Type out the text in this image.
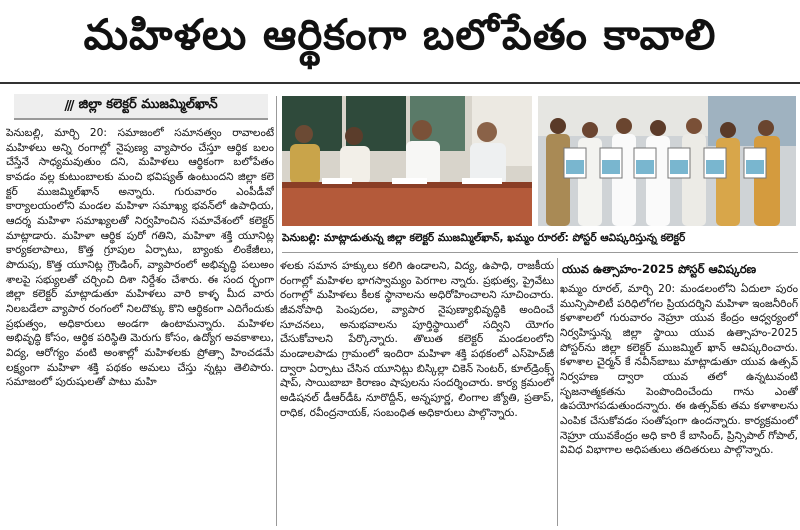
మహిళలు ఆర్థికంగా బలోపేతం కావాలి
/// జిల్లా కలెక్టర్ ముజమ్మిల్‌ఖాన్
పెనుబల్లి, మార్చి 20: సమాజంలో సమానత్వం రావాలంటే మహిళలు అన్ని రంగాల్లో నైపుణ్య వ్యాపారం చేస్తూ ఆర్థిక బలం చేస్తేనే సాధ్యమవుతుం దని, మహిళలు ఆర్థికంగా బలోపేతం కావడం వల్ల కుటుంబాలకు మంచి భవిష్యత్ ఉంటుందని జిల్లా కలె క్టర్ ముజమ్మిల్‌ఖాన్ అన్నారు. గురువారం ఎంపీడీవో కార్యాలయంలోని మండల మహిళా సమాఖ్య భవన్‌లో ఉపాధియ, ఆదర్శ మహిళా సమాఖ్యలతో నిర్వహించిన సమావేశంలో కలెక్టర్ మాట్లాడారు. మహిళా ఆర్థిక పురో గతిని, మహిళా శక్తి యూనిట్ల కార్యకలాపాలు, కొత్త గ్రూపుల ఏర్పాటు, బ్యాంకు లింకేజీలు, పొదుపు, కొత్త యూనిట్ల గ్రౌండింగ్, వ్యాపారంలో అభివృద్ధి పలుఅం శాలపై సభ్యులతో చర్చించి దిశా నిర్దేశం చేశారు. ఈ సంద ర్భంగా జిల్లా కలెక్టర్ మాట్లాడుతూ మహిళలు వారి కాళ్ళ మీద వారు నిలబడేలా వ్యాపార రంగంలో నిలదొక్కు కొని ఆర్థికంగా ఎదిగేందుకు ప్రభుత్వం, అధికారులు అండగా ఉంటామన్నారు. మహిళల అభివృద్ధి కోసం, ఆర్థిక పరిస్థితి మెరుగు కోసం, ఉద్యోగ అవకాశాలు, విద్య, ఆరోగ్యం వంటి అంశాల్లో మహిళలకు ప్రోత్సా హించడమే లక్ష్యంగా మహిళా శక్తి పథకం అమలు చేస్తు న్నట్లు తెలిపారు. సమాజంలో పురుషులతో పాటు మహి
పెనుబల్లి: మాట్లాడుతున్న జిల్లా కలెక్టర్ ముజమ్మిల్‌ఖాన్, ఖమ్మం రూరల్: పోస్టర్ ఆవిష్కరిస్తున్న కలెక్టర్
ళలకు సమాన హక్కులు కలిగి ఉండాలని, విద్య, ఉపాధి, రాజకీయ రంగాల్లో మహిళల భాగస్వామ్యం పెరగాల న్నారు. ప్రభుత్వ, ప్రైవేటు రంగాల్లో మహిళలు కీలక స్థానాలను అధిరోహించాలని సూచించారు. జీవనోపాధి పెంపుదల, వ్యాపార నైపుణ్యాభివృద్ధికి అందించే సూచనలు, అనుభవాలను పూర్తిస్థాయిలో సద్విని యోగం చేసుకోవాలని పేర్కొన్నారు. తొలుత కలెక్టర్ మండలంలోని మండాలపాడు గ్రామంలో ఇందిరా మహిళా శక్తి పథకంలో ఎస్‌హెచ్‌జీ ద్వారా ఏర్పాటు చేసిన యూనిట్లు బిస్కిల్లా చికెన్ సెంటర్, కూల్‌డ్రింక్స్ షాప్, సాయిబాబా కిరాణం షాపులను సందర్శించారు. కార్య క్రమంలో అడిషనల్ డీఆర్‌డీఓ నూరొద్దీన్, అన్నపూర్ణ, లింగాల జ్యోతి, ప్రతాప్, రాధిక, రవీంద్రనాయక్, సంబంధిత అధికారులు పాల్గొన్నారు.
యువ ఉత్సాహం-2025 పోస్టర్ ఆవిష్కరణ
ఖమ్మం రూరల్, మార్చి 20: మండలంలోని ఏదులా పురం మున్సిపాలిటీ పరిధిలోగల ప్రియదర్శిని మహిళా ఇంజనీరింగ్ కళాశాలలో గురువారం నెహ్రూ యువ కేంద్రం ఆధ్వర్యంలో నిర్వహిస్తున్న జిల్లా స్థాయి యువ ఉత్సాహం-2025 పోస్టర్‌ను జిల్లా కలెక్టర్ ముజమ్మిల్ ఖాన్ ఆవిష్కరించారు. కళాశాల చైర్మన్ కే నవీన్‌బాబు మాట్లాడుతూ యువ ఉత్సవ్ నిర్వహణ ద్వారా యువ తలో ఉన్నటువంటి సృజనాత్మకతను పెంపొందించేందు గాను ఎంతో ఉపయోగపడుతుందన్నారు. ఈ ఉత్సవ్‌కు తమ కళాశాలను ఎంపిక చేసుకోవడం సంతోషంగా ఉందన్నారు. కార్యక్రమంలో నెహ్రూ యువకేంద్రం అధి కారి కే బాసింద్, ప్రిన్సిపాల్ గోపాల్, వివిధ విభాగాల అధిపతులు తదితరులు పాల్గొన్నారు.
